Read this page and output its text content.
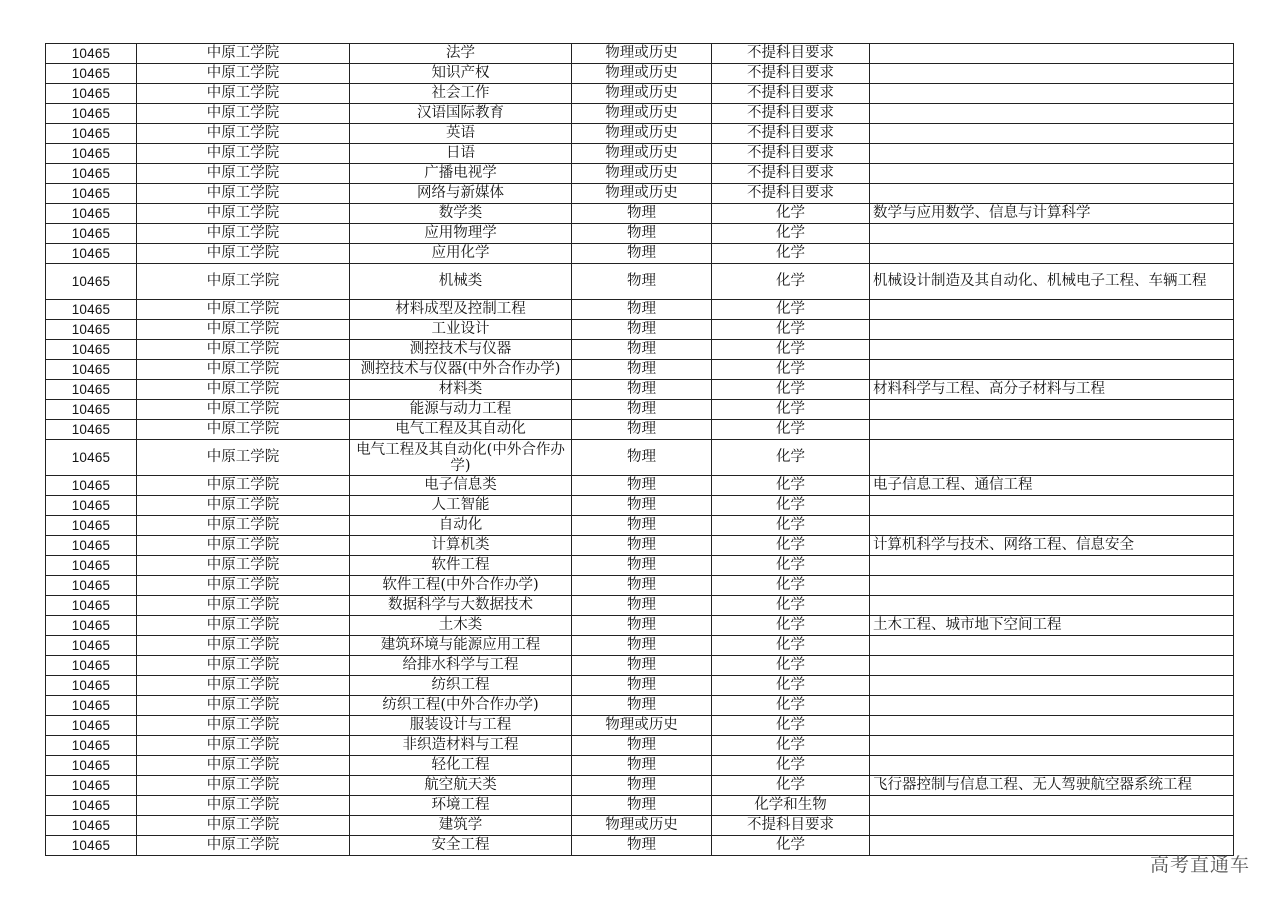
10465	中原工学院	法学	物理或历史	不提科目要求	
10465	中原工学院	知识产权	物理或历史	不提科目要求	
10465	中原工学院	社会工作	物理或历史	不提科目要求	
10465	中原工学院	汉语国际教育	物理或历史	不提科目要求	
10465	中原工学院	英语	物理或历史	不提科目要求	
10465	中原工学院	日语	物理或历史	不提科目要求	
10465	中原工学院	广播电视学	物理或历史	不提科目要求	
10465	中原工学院	网络与新媒体	物理或历史	不提科目要求	
10465	中原工学院	数学类	物理	化学	数学与应用数学、信息与计算科学
10465	中原工学院	应用物理学	物理	化学	
10465	中原工学院	应用化学	物理	化学	
10465	中原工学院	机械类	物理	化学	机械设计制造及其自动化、机械电子工程、车辆工程
10465	中原工学院	材料成型及控制工程	物理	化学	
10465	中原工学院	工业设计	物理	化学	
10465	中原工学院	测控技术与仪器	物理	化学	
10465	中原工学院	测控技术与仪器(中外合作办学)	物理	化学	
10465	中原工学院	材料类	物理	化学	材料科学与工程、高分子材料与工程
10465	中原工学院	能源与动力工程	物理	化学	
10465	中原工学院	电气工程及其自动化	物理	化学	
10465	中原工学院	电气工程及其自动化(中外合作办学)	物理	化学	
10465	中原工学院	电子信息类	物理	化学	电子信息工程、通信工程
10465	中原工学院	人工智能	物理	化学	
10465	中原工学院	自动化	物理	化学	
10465	中原工学院	计算机类	物理	化学	计算机科学与技术、网络工程、信息安全
10465	中原工学院	软件工程	物理	化学	
10465	中原工学院	软件工程(中外合作办学)	物理	化学	
10465	中原工学院	数据科学与大数据技术	物理	化学	
10465	中原工学院	土木类	物理	化学	土木工程、城市地下空间工程
10465	中原工学院	建筑环境与能源应用工程	物理	化学	
10465	中原工学院	给排水科学与工程	物理	化学	
10465	中原工学院	纺织工程	物理	化学	
10465	中原工学院	纺织工程(中外合作办学)	物理	化学	
10465	中原工学院	服装设计与工程	物理或历史	化学	
10465	中原工学院	非织造材料与工程	物理	化学	
10465	中原工学院	轻化工程	物理	化学	
10465	中原工学院	航空航天类	物理	化学	飞行器控制与信息工程、无人驾驶航空器系统工程
10465	中原工学院	环境工程	物理	化学和生物	
10465	中原工学院	建筑学	物理或历史	不提科目要求	
10465	中原工学院	安全工程	物理	化学	
高考直通车
